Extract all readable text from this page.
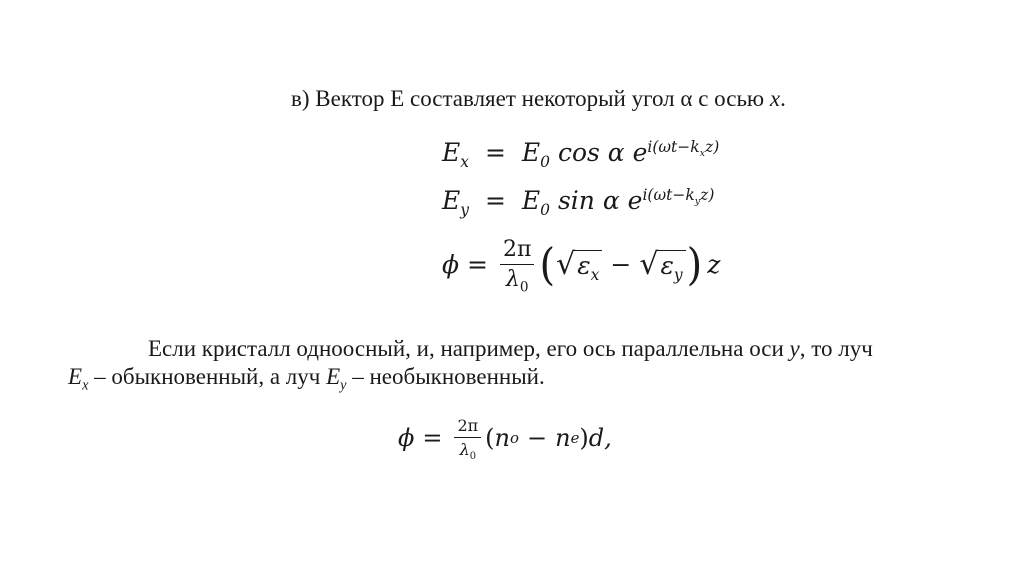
в) Вектор E составляет некоторый угол α с осью x.
$E_x = E_0$ cos α $e^{i(\omega t-k_xz)}$
$E_y = E_0$ sin α $e^{i(\omega t-k_yz)}$
$\phi = \frac{2\pi}{\lambda_0}$ ( √ $\varepsilon_x$ − √ $\varepsilon_y$ ) z
Если кристалл одноосный, и, например, его ось параллельна оси y, то луч
$E_x$ – обыкновенный, а луч $E_y$ – необыкновенный.
$\phi = \frac{2\pi}{\lambda_0}$ ( n o − n e ) d,
